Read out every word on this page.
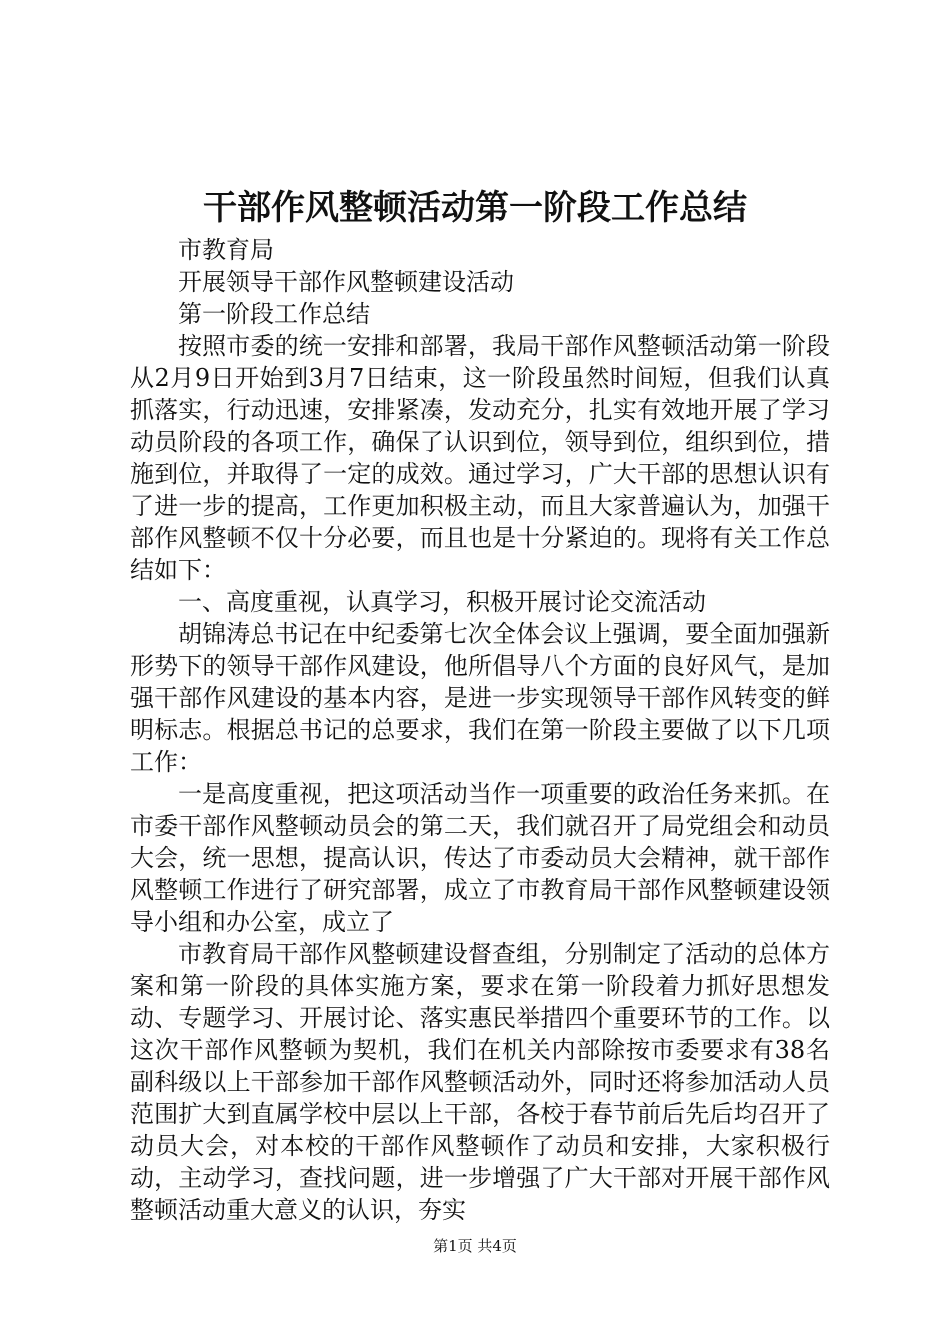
干部作风整顿活动第一阶段工作总结

市教育局

开展领导干部作风整顿建设活动

第一阶段工作总结

按照市委的统一安排和部署，我局干部作风整顿活动第一阶段从2月9日开始到3月7日结束，这一阶段虽然时间短，但我们认真抓落实，行动迅速，安排紧凑，发动充分，扎实有效地开展了学习动员阶段的各项工作，确保了认识到位，领导到位，组织到位，措施到位，并取得了一定的成效。通过学习，广大干部的思想认识有了进一步的提高，工作更加积极主动，而且大家普遍认为，加强干部作风整顿不仅十分必要，而且也是十分紧迫的。现将有关工作总结如下：

一、高度重视，认真学习，积极开展讨论交流活动

胡锦涛总书记在中纪委第七次全体会议上强调，要全面加强新形势下的领导干部作风建设，他所倡导八个方面的良好风气，是加强干部作风建设的基本内容，是进一步实现领导干部作风转变的鲜明标志。根据总书记的总要求，我们在第一阶段主要做了以下几项工作：

一是高度重视，把这项活动当作一项重要的政治任务来抓。在市委干部作风整顿动员会的第二天，我们就召开了局党组会和动员大会，统一思想，提高认识，传达了市委动员大会精神，就干部作风整顿工作进行了研究部署，成立了市教育局干部作风整顿建设领导小组和办公室，成立了

市教育局干部作风整顿建设督查组，分别制定了活动的总体方案和第一阶段的具体实施方案，要求在第一阶段着力抓好思想发动、专题学习、开展讨论、落实惠民举措四个重要环节的工作。以这次干部作风整顿为契机，我们在机关内部除按市委要求有38名副科级以上干部参加干部作风整顿活动外，同时还将参加活动人员范围扩大到直属学校中层以上干部，各校于春节前后先后均召开了动员大会，对本校的干部作风整顿作了动员和安排，大家积极行动，主动学习，查找问题，进一步增强了广大干部对开展干部作风整顿活动重大意义的认识，夯实

第1页 共4页
